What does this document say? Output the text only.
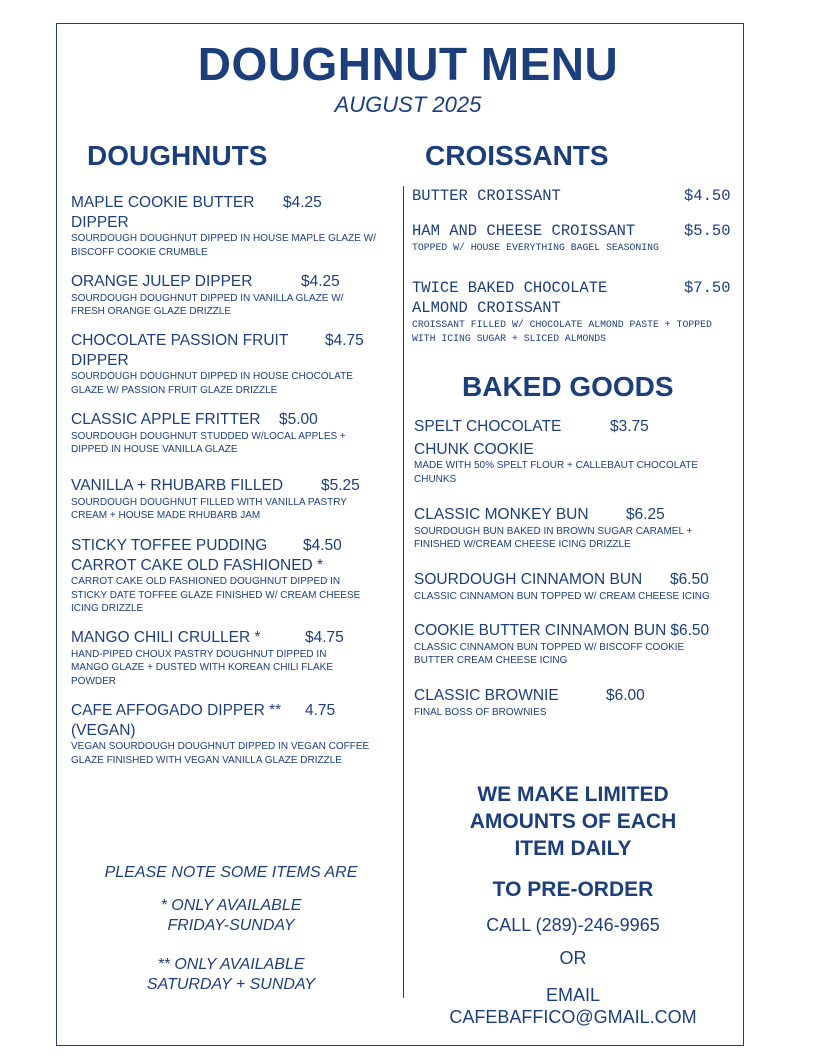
DOUGHNUT MENU
AUGUST 2025
DOUGHNUTS
MAPLE COOKIE BUTTER	$4.25
DIPPER
SOURDOUGH DOUGHNUT DIPPED IN HOUSE MAPLE GLAZE W/ BISCOFF COOKIE CRUMBLE
ORANGE JULEP DIPPER	$4.25
SOURDOUGH DOUGHNUT DIPPED IN VANILLA GLAZE W/ FRESH ORANGE GLAZE DRIZZLE
CHOCOLATE PASSION FRUIT	$4.75
DIPPER
SOURDOUGH DOUGHNUT DIPPED IN HOUSE CHOCOLATE GLAZE W/ PASSION FRUIT GLAZE DRIZZLE
CLASSIC APPLE FRITTER	$5.00
SOURDOUGH DOUGHNUT STUDDED W/LOCAL APPLES + DIPPED IN HOUSE VANILLA GLAZE
VANILLA + RHUBARB FILLED	$5.25
SOURDOUGH DOUGHNUT FILLED WITH VANILLA PASTRY CREAM + HOUSE MADE RHUBARB JAM
STICKY TOFFEE PUDDING	$4.50
CARROT CAKE OLD FASHIONED *
CARROT CAKE OLD FASHIONED DOUGHNUT DIPPED IN STICKY DATE TOFFEE GLAZE FINISHED W/ CREAM CHEESE ICING DRIZZLE
MANGO CHILI CRULLER *	$4.75
HAND-PIPED CHOUX PASTRY DOUGHNUT DIPPED IN MANGO GLAZE + DUSTED WITH KOREAN CHILI FLAKE POWDER
CAFE AFFOGADO DIPPER **	4.75
(VEGAN)
VEGAN SOURDOUGH DOUGHNUT DIPPED IN VEGAN COFFEE GLAZE FINISHED WITH VEGAN VANILLA GLAZE DRIZZLE
PLEASE NOTE SOME ITEMS ARE
* ONLY AVAILABLE
FRIDAY-SUNDAY
** ONLY AVAILABLE
SATURDAY + SUNDAY
CROISSANTS
BUTTER CROISSANT	$4.50
HAM AND CHEESE CROISSANT	$5.50
TOPPED W/ HOUSE EVERYTHING BAGEL SEASONING
TWICE BAKED CHOCOLATE	$7.50
ALMOND CROISSANT
CROISSANT FILLED W/ CHOCOLATE ALMOND PASTE + TOPPED WITH ICING SUGAR + SLICED ALMONDS
BAKED GOODS
SPELT CHOCOLATE	$3.75
CHUNK COOKIE
MADE WITH 50% SPELT FLOUR + CALLEBAUT CHOCOLATE CHUNKS
CLASSIC MONKEY BUN	$6.25
SOURDOUGH BUN BAKED IN BROWN SUGAR CARAMEL + FINISHED W/CREAM CHEESE ICING DRIZZLE
SOURDOUGH CINNAMON BUN	$6.50
CLASSIC CINNAMON BUN TOPPED W/ CREAM CHEESE ICING
COOKIE BUTTER CINNAMON BUN $6.50
CLASSIC CINNAMON BUN TOPPED W/ BISCOFF COOKIE BUTTER CREAM CHEESE ICING
CLASSIC BROWNIE	$6.00
FINAL BOSS OF BROWNIES
WE MAKE LIMITED
AMOUNTS OF EACH
ITEM DAILY
TO PRE-ORDER
CALL (289)-246-9965
OR
EMAIL
CAFEBAFFICO@GMAIL.COM
